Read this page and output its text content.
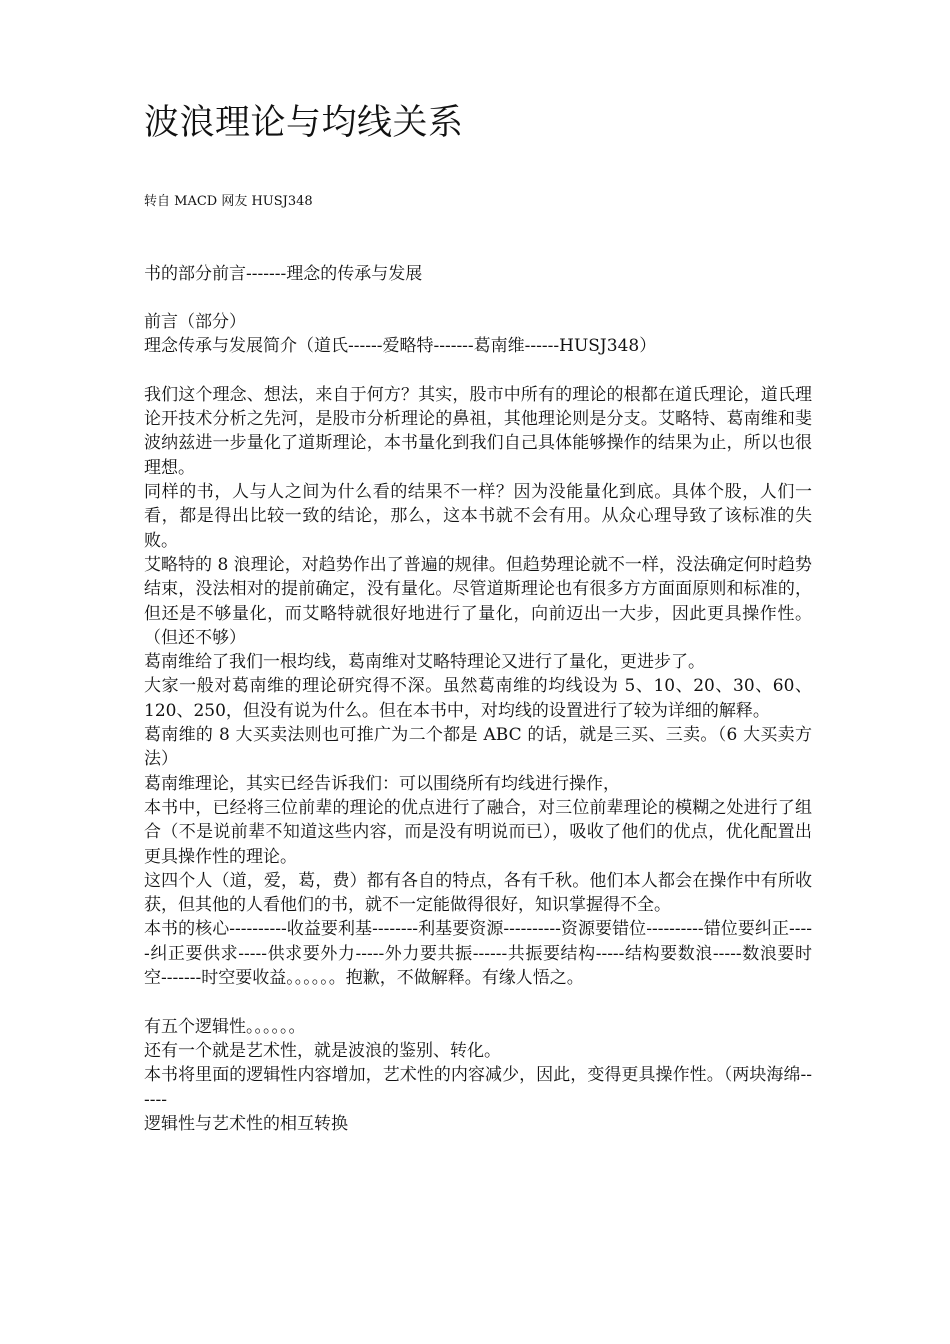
波浪理论与均线关系
转自 MACD 网友 HUSJ348
书的部分前言-------理念的传承与发展

前言（部分）

理念传承与发展简介（道氏------爱略特-------葛南维------HUSJ348）

我们这个理念、想法，来自于何方？其实，股市中所有的理论的根都在道氏理论，道氏理论开技术分析之先河，是股市分析理论的鼻祖，其他理论则是分支。艾略特、葛南维和斐波纳兹进一步量化了道斯理论，本书量化到我们自己具体能够操作的结果为止，所以也很理想。

同样的书，人与人之间为什么看的结果不一样？因为没能量化到底。具体个股，人们一看，都是得出比较一致的结论，那么，这本书就不会有用。从众心理导致了该标准的失败。

艾略特的 8 浪理论，对趋势作出了普遍的规律。但趋势理论就不一样，没法确定何时趋势结束，没法相对的提前确定，没有量化。尽管道斯理论也有很多方方面面原则和标准的，但还是不够量化，而艾略特就很好地进行了量化，向前迈出一大步，因此更具操作性。（但还不够）

葛南维给了我们一根均线，葛南维对艾略特理论又进行了量化，更进步了。

大家一般对葛南维的理论研究得不深。虽然葛南维的均线设为 5、10、20、30、60、120、250，但没有说为什么。但在本书中，对均线的设置进行了较为详细的解释。

葛南维的 8 大买卖法则也可推广为二个都是 ABC 的话，就是三买、三卖。（6 大买卖方法）

葛南维理论，其实已经告诉我们：可以围绕所有均线进行操作，

本书中，已经将三位前辈的理论的优点进行了融合，对三位前辈理论的模糊之处进行了组合（不是说前辈不知道这些内容，而是没有明说而已），吸收了他们的优点，优化配置出更具操作性的理论。

这四个人（道，爱，葛，费）都有各自的特点，各有千秋。他们本人都会在操作中有所收获，但其他的人看他们的书，就不一定能做得很好，知识掌握得不全。

本书的核心----------收益要利基--------利基要资源----------资源要错位----------错位要纠正-----纠正要供求-----供求要外力-----外力要共振------共振要结构-----结构要数浪-----数浪要时空-------时空要收益。。。。。。抱歉，不做解释。有缘人悟之。

有五个逻辑性。。。。。。

还有一个就是艺术性，就是波浪的鉴别、转化。

本书将里面的逻辑性内容增加，艺术性的内容减少，因此，变得更具操作性。（两块海绵------

逻辑性与艺术性的相互转换
